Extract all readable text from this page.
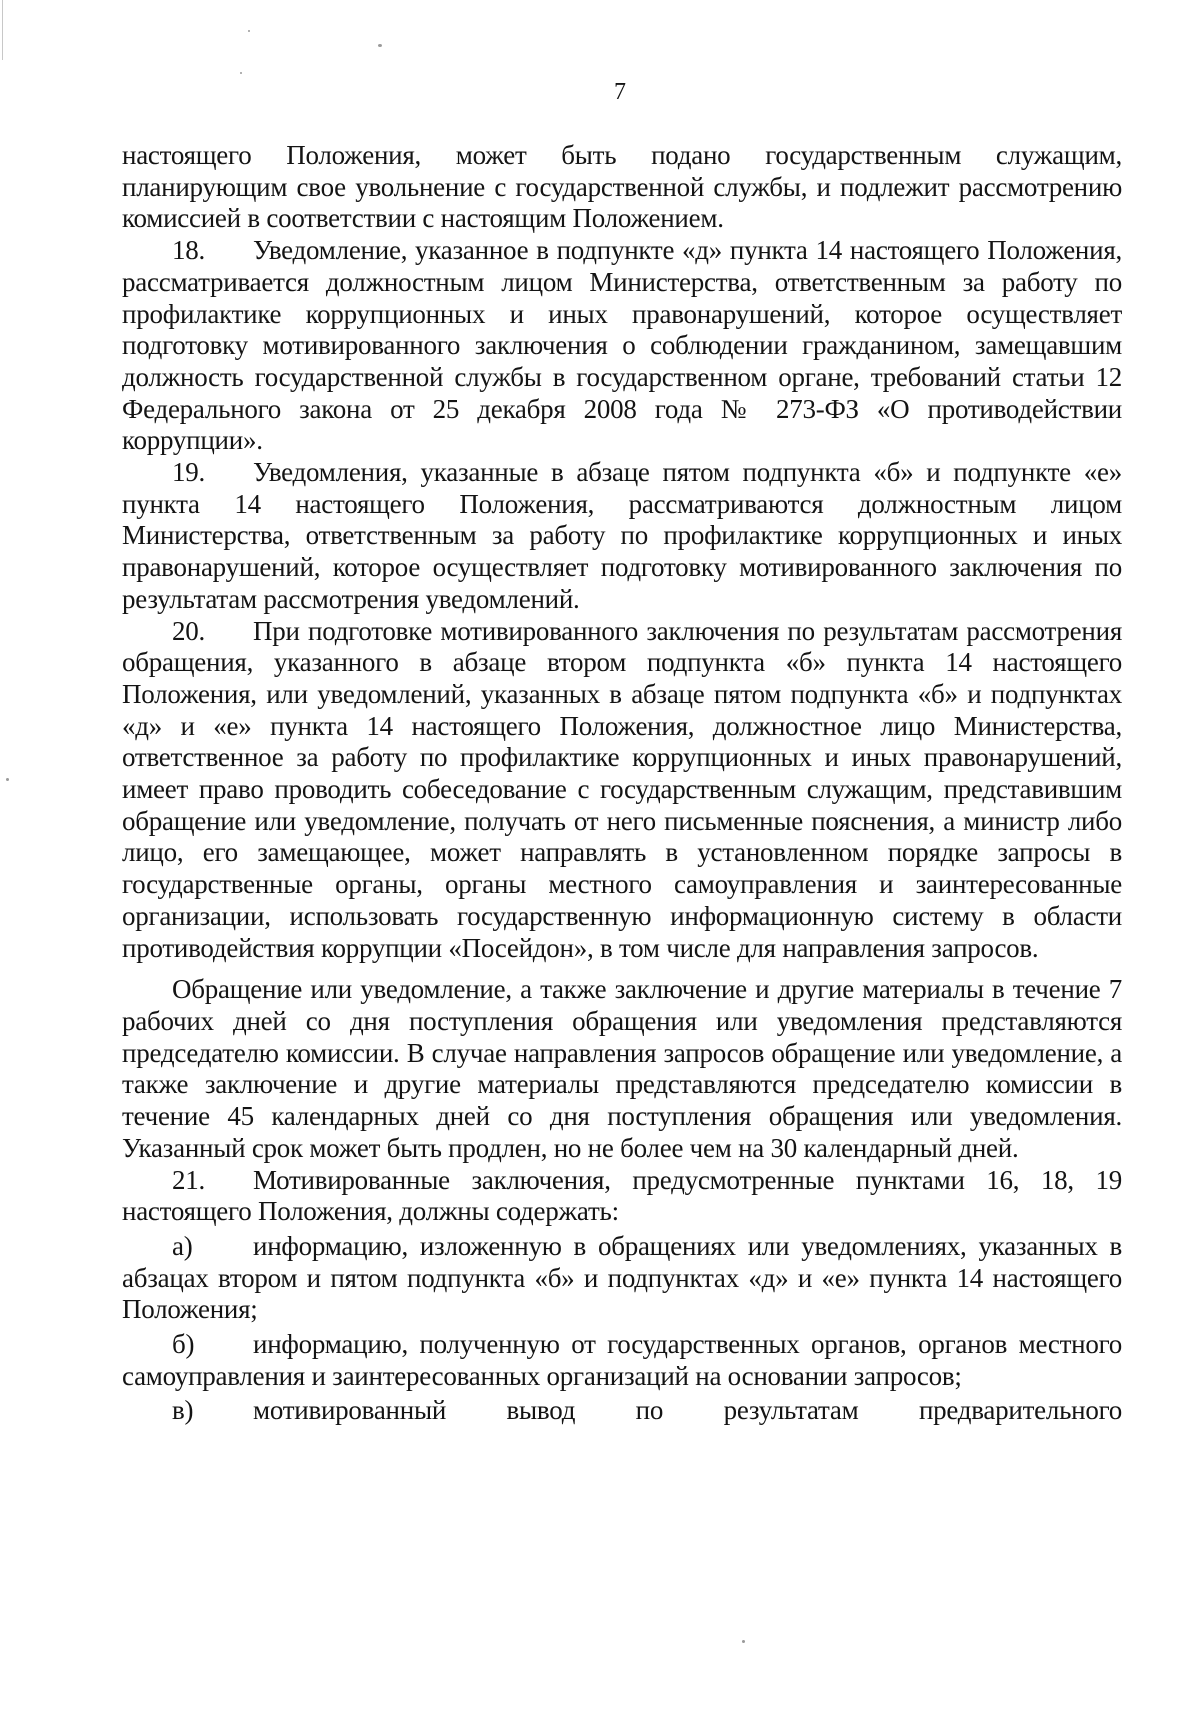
7

настоящего Положения, может быть подано государственным служащим, планирующим свое увольнение с государственной службы, и подлежит рассмотрению комиссией в соответствии с настоящим Положением.

18. Уведомление, указанное в подпункте «д» пункта 14 настоящего Положения, рассматривается должностным лицом Министерства, ответственным за работу по профилактике коррупционных и иных правонарушений, которое осуществляет подготовку мотивированного заключения о соблюдении гражданином, замещавшим должность государственной службы в государственном органе, требований статьи 12 Федерального закона от 25 декабря 2008 года № 273-ФЗ «О противодействии коррупции».

19. Уведомления, указанные в абзаце пятом подпункта «б» и подпункте «е» пункта 14 настоящего Положения, рассматриваются должностным лицом Министерства, ответственным за работу по профилактике коррупционных и иных правонарушений, которое осуществляет подготовку мотивированного заключения по результатам рассмотрения уведомлений.

20. При подготовке мотивированного заключения по результатам рассмотрения обращения, указанного в абзаце втором подпункта «б» пункта 14 настоящего Положения, или уведомлений, указанных в абзаце пятом подпункта «б» и подпунктах «д» и «е» пункта 14 настоящего Положения, должностное лицо Министерства, ответственное за работу по профилактике коррупционных и иных правонарушений, имеет право проводить собеседование с государственным служащим, представившим обращение или уведомление, получать от него письменные пояснения, а министр либо лицо, его замещающее, может направлять в установленном порядке запросы в государственные органы, органы местного самоуправления и заинтересованные организации, использовать государственную информационную систему в области противодействия коррупции «Посейдон», в том числе для направления запросов.

Обращение или уведомление, а также заключение и другие материалы в течение 7 рабочих дней со дня поступления обращения или уведомления представляются председателю комиссии. В случае направления запросов обращение или уведомление, а также заключение и другие материалы представляются председателю комиссии в течение 45 календарных дней со дня поступления обращения или уведомления. Указанный срок может быть продлен, но не более чем на 30 календарный дней.

21. Мотивированные заключения, предусмотренные пунктами 16, 18, 19 настоящего Положения, должны содержать:

а) информацию, изложенную в обращениях или уведомлениях, указанных в абзацах втором и пятом подпункта «б» и подпунктах «д» и «е» пункта 14 настоящего Положения;

б) информацию, полученную от государственных органов, органов местного самоуправления и заинтересованных организаций на основании запросов;

в) мотивированный вывод по результатам предварительного
